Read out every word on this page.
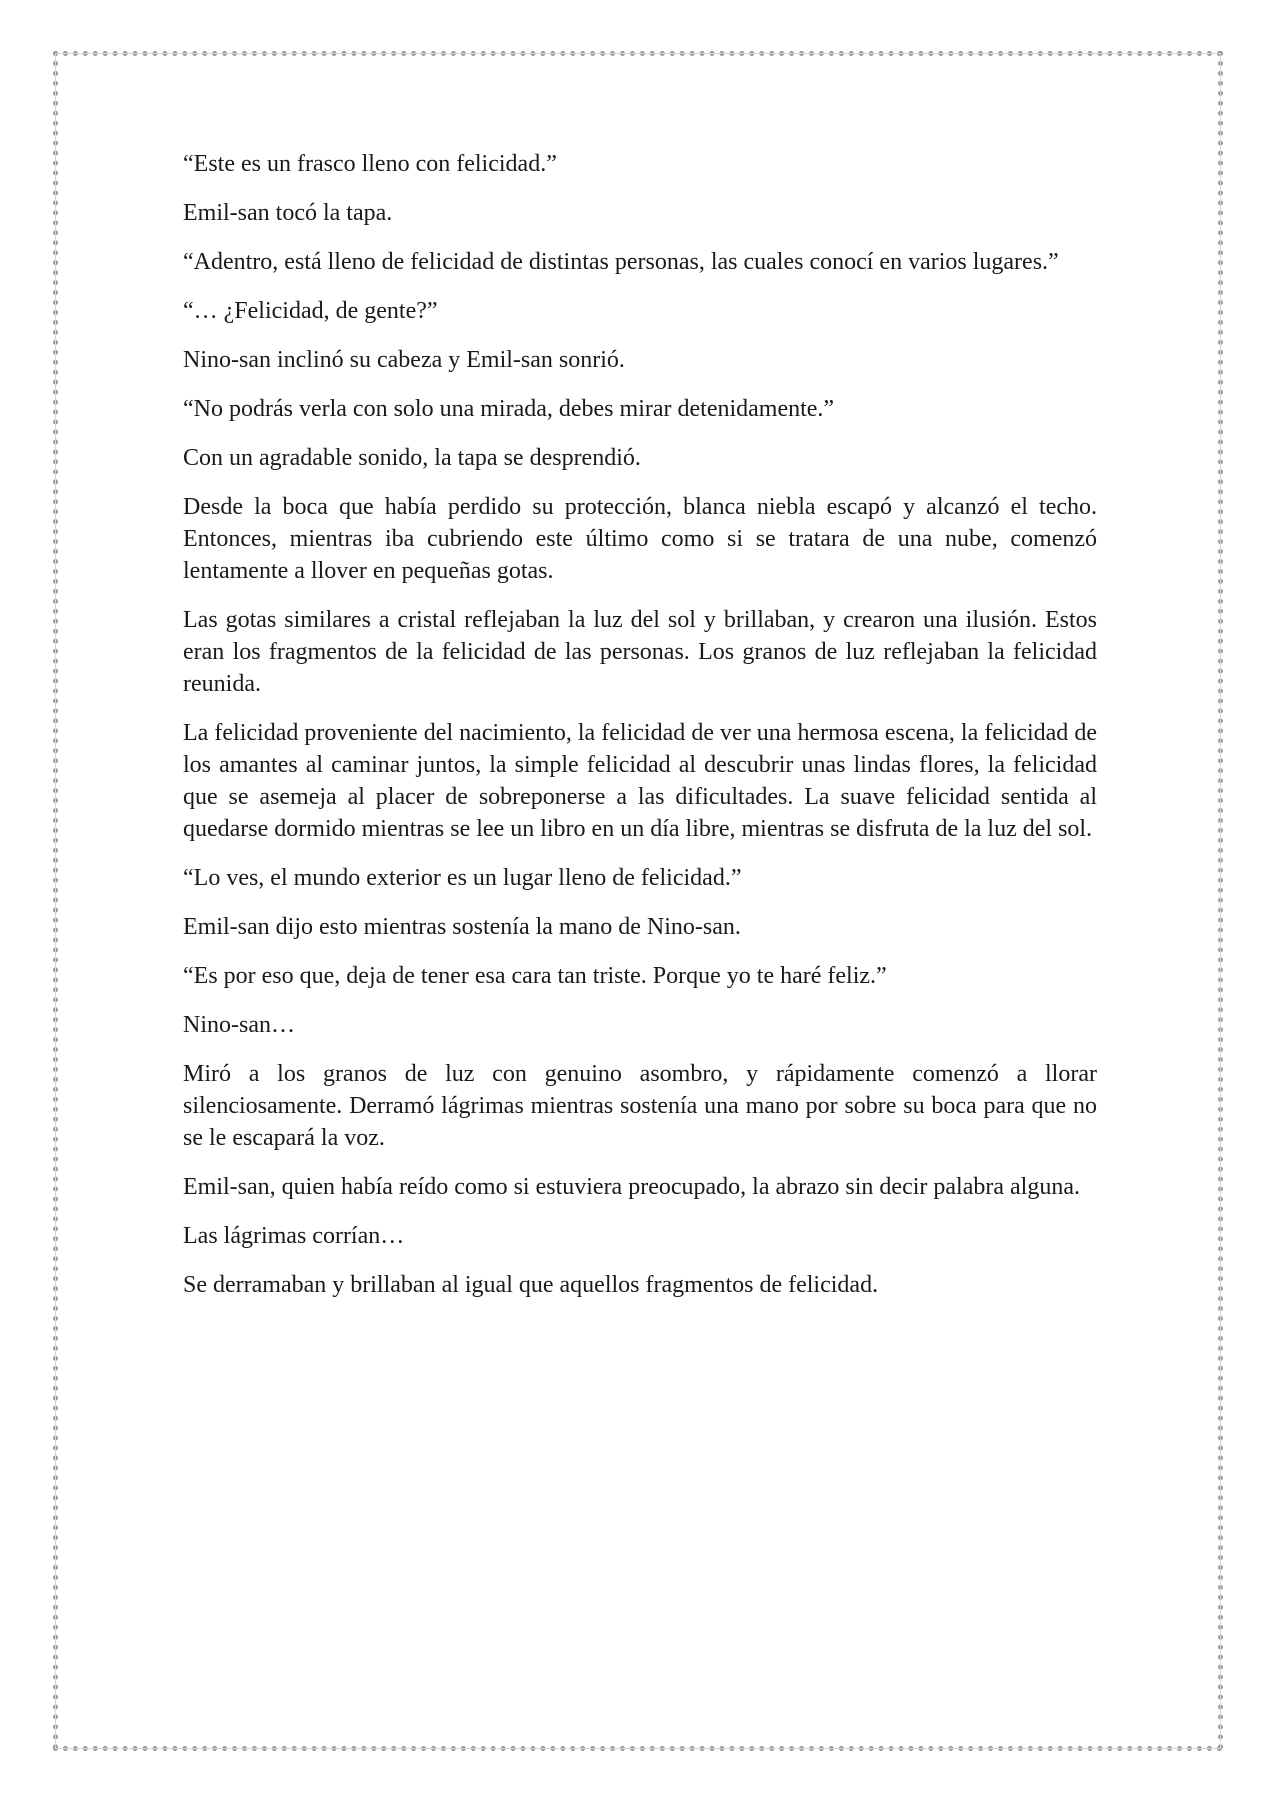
“Este es un frasco lleno con felicidad.”

Emil-san tocó la tapa.

“Adentro, está lleno de felicidad de distintas personas, las cuales conocí en varios lugares.”

“… ¿Felicidad, de gente?”

Nino-san inclinó su cabeza y Emil-san sonrió.

“No podrás verla con solo una mirada, debes mirar detenidamente.”

Con un agradable sonido, la tapa se desprendió.

Desde la boca que había perdido su protección, blanca niebla escapó y alcanzó el techo. Entonces, mientras iba cubriendo este último como si se tratara de una nube, comenzó lentamente a llover en pequeñas gotas.

Las gotas similares a cristal reflejaban la luz del sol y brillaban, y crearon una ilusión. Estos eran los fragmentos de la felicidad de las personas. Los granos de luz reflejaban la felicidad reunida.

La felicidad proveniente del nacimiento, la felicidad de ver una hermosa escena, la felicidad de los amantes al caminar juntos, la simple felicidad al descubrir unas lindas flores, la felicidad que se asemeja al placer de sobreponerse a las dificultades. La suave felicidad sentida al quedarse dormido mientras se lee un libro en un día libre, mientras se disfruta de la luz del sol.

“Lo ves, el mundo exterior es un lugar lleno de felicidad.”

Emil-san dijo esto mientras sostenía la mano de Nino-san.

“Es por eso que, deja de tener esa cara tan triste. Porque yo te haré feliz.”

Nino-san…

Miró a los granos de luz con genuino asombro, y rápidamente comenzó a llorar silenciosamente. Derramó lágrimas mientras sostenía una mano por sobre su boca para que no se le escapará la voz.

Emil-san, quien había reído como si estuviera preocupado, la abrazo sin decir palabra alguna.

Las lágrimas corrían…

Se derramaban y brillaban al igual que aquellos fragmentos de felicidad.
